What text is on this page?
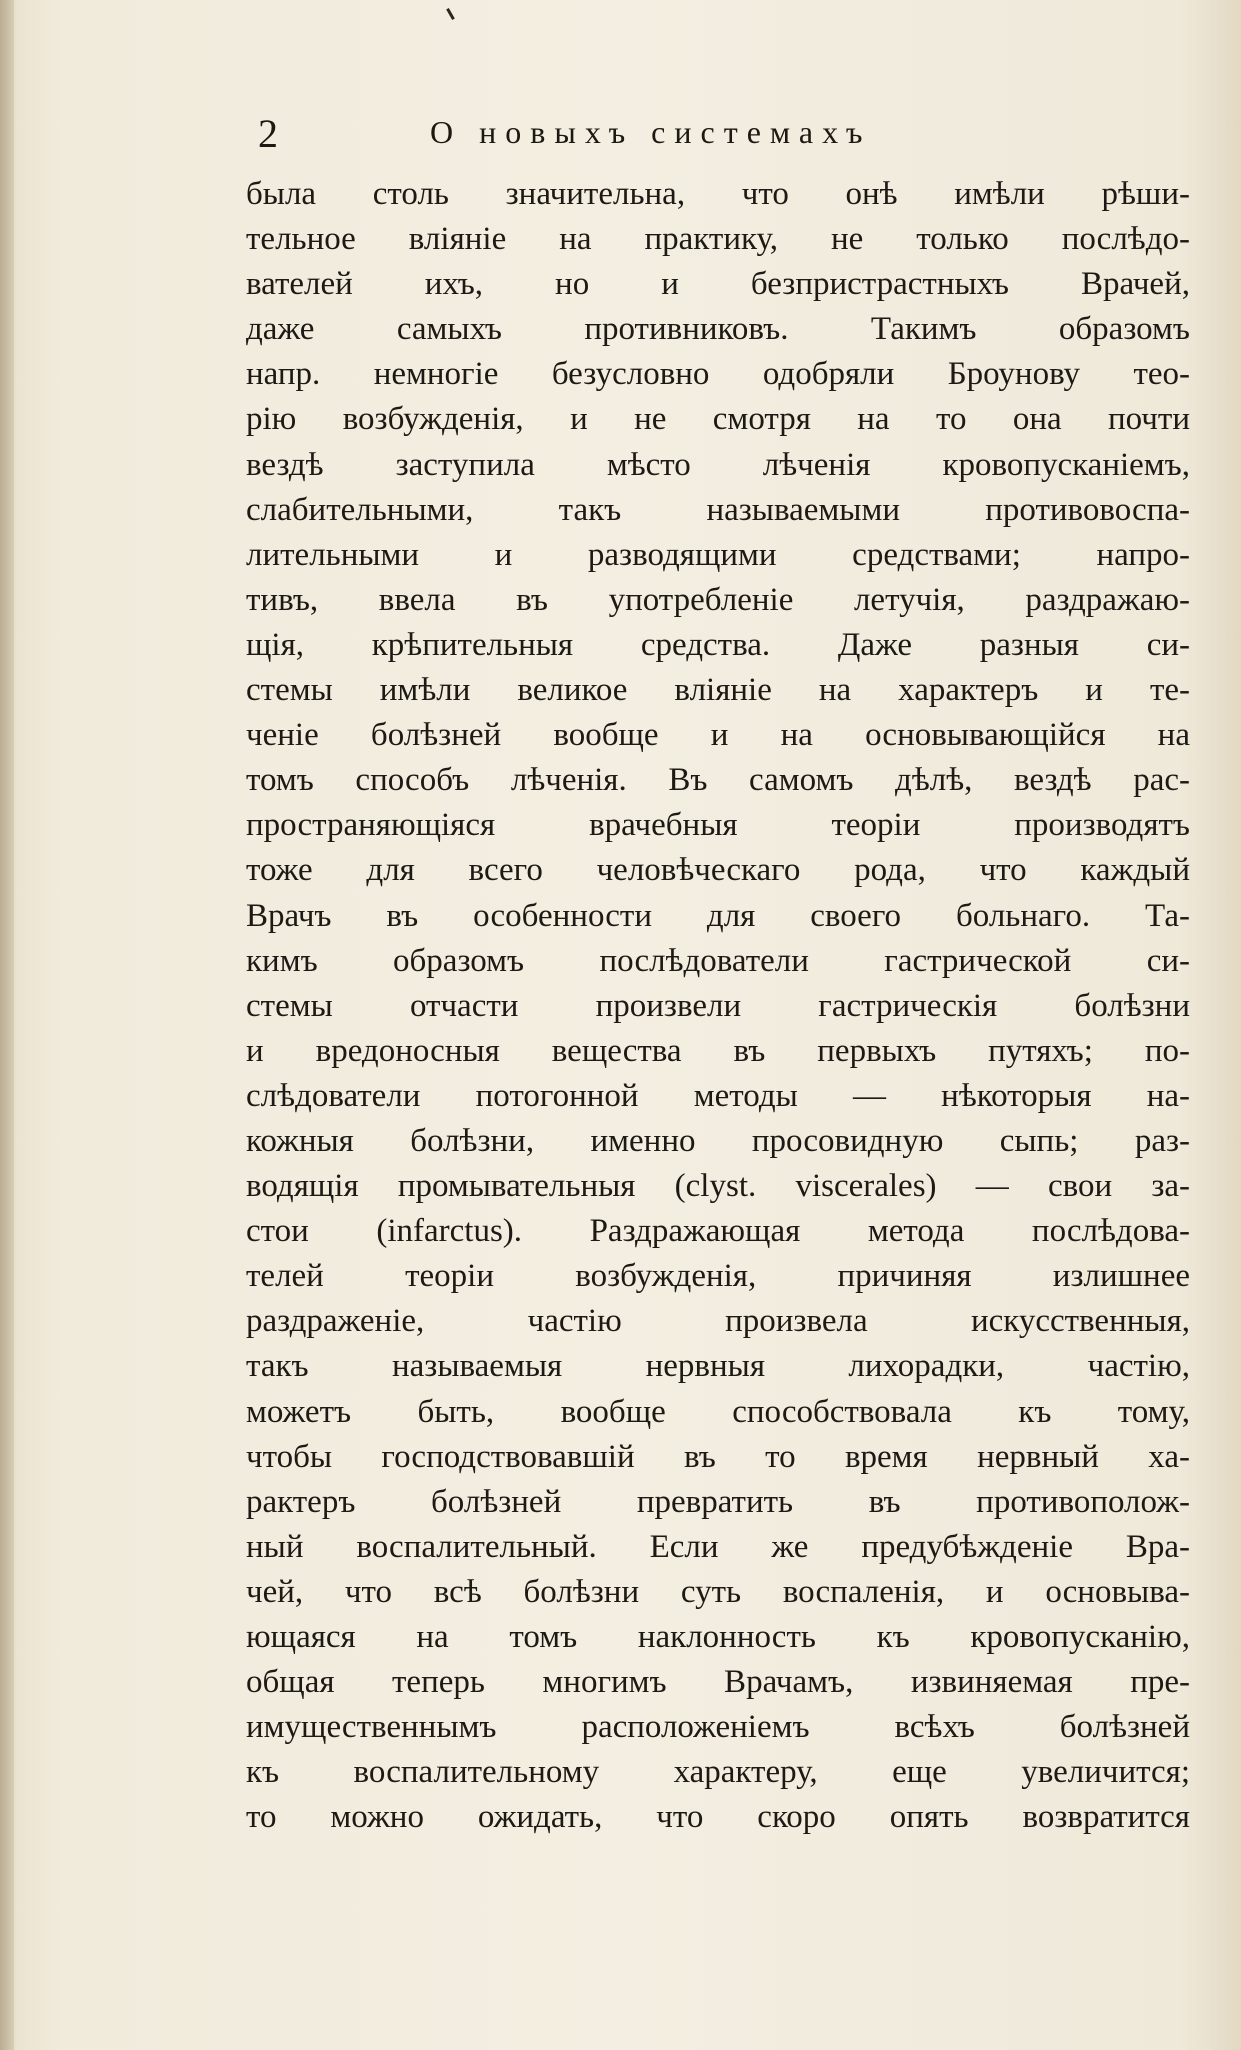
2	О новыхъ системахъ
была столь значительна, что онѣ имѣли рѣши-
тельное вліяніе на практику, не только послѣдо-
вателей ихъ, но и безпристрастныхъ Врачей,
даже самыхъ противниковъ. Такимъ образомъ
напр. немногіе безусловно одобряли Броунову тео-
рію возбужденія, и не смотря на то она почти
вездѣ заступила мѣсто лѣченія кровопусканіемъ,
слабительными, такъ называемыми противовоспа-
лительными и разводящими средствами; напро-
тивъ, ввела въ употребленіе летучія, раздражаю-
щія, крѣпительныя средства. Даже разныя си-
стемы имѣли великое вліяніе на характеръ и те-
ченіе болѣзней вообще и на основывающійся на
томъ способъ лѣченія. Въ самомъ дѣлѣ, вездѣ рас-
пространяющіяся врачебныя теоріи производятъ
тоже для всего человѣческаго рода, что каждый
Врачъ въ особенности для своего больнаго. Та-
кимъ образомъ послѣдователи гастрической си-
стемы отчасти произвели гастрическія болѣзни
и вредоносныя вещества въ первыхъ путяхъ; по-
слѣдователи потогонной методы — нѣкоторыя на-
кожныя болѣзни, именно просовидную сыпь; раз-
водящія промывательныя (clyst. viscerales) — свои за-
стои (infarctus). Раздражающая метода послѣдова-
телей теоріи возбужденія, причиняя излишнее
раздраженіе, частію произвела искусственныя,
такъ называемыя нервныя лихорадки, частію,
можетъ быть, вообще способствовала къ тому,
чтобы господствовавшій въ то время нервный ха-
рактеръ болѣзней превратить въ противополож-
ный воспалительный. Если же предубѣжденіе Вра-
чей, что всѣ болѣзни суть воспаленія, и основыва-
ющаяся на томъ наклонность къ кровопусканію,
общая теперь многимъ Врачамъ, извиняемая пре-
имущественнымъ расположеніемъ всѣхъ болѣзней
къ воспалительному характеру, еще увеличится;
то можно ожидать, что скоро опять возвратится
